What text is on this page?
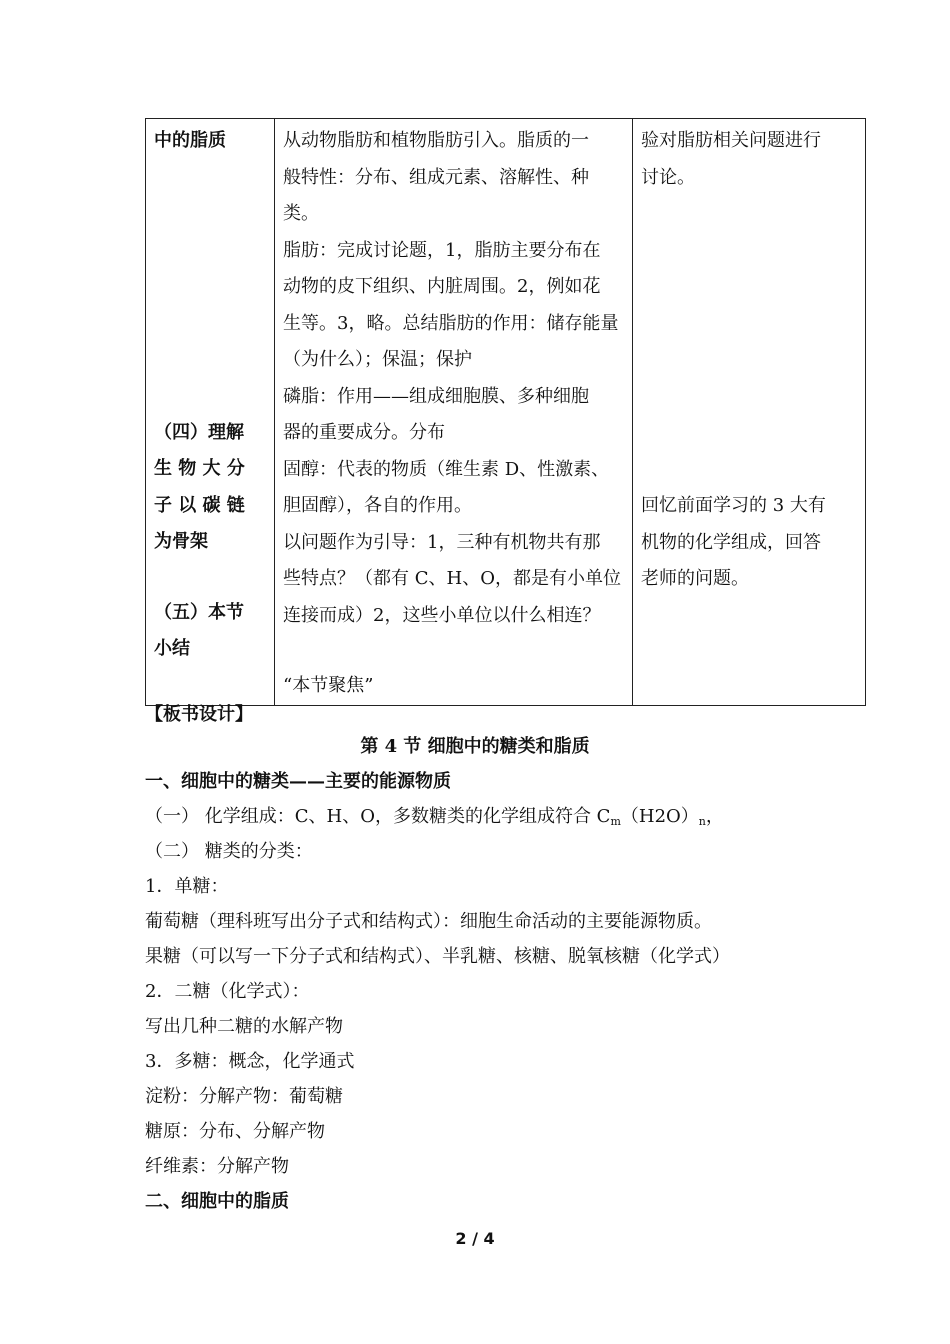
中的脂质
（四）理解
生 物 大 分
子 以 碳 链
为骨架
（五）本节
小结

从动物脂肪和植物脂肪引入。脂质的一
般特性：分布、组成元素、溶解性、种类。
脂肪：完成讨论题，1，脂肪主要分布在
动物的皮下组织、内脏周围。2，例如花
生等。3，略。总结脂肪的作用：储存能量
（为什么）；保温；保护
磷脂：作用——组成细胞膜、多种细胞
器的重要成分。分布
固醇：代表的物质（维生素 D、性激素、
胆固醇），各自的作用。
以问题作为引导：1，三种有机物共有那
些特点？（都有 C、H、O，都是有小单位
连接而成）2，这些小单位以什么相连？
“本节聚焦”

验对脂肪相关问题进行
讨论。
回忆前面学习的 3 大有
机物的化学组成，回答
老师的问题。
【板书设计】
第 4 节 细胞中的糖类和脂质
一、细胞中的糖类——主要的能源物质
（一） 化学组成：C、H、O，多数糖类的化学组成符合 $C_m(H2O)_n$，
（二） 糖类的分类：
1．单糖：
葡萄糖（理科班写出分子式和结构式）：细胞生命活动的主要能源物质。
果糖（可以写一下分子式和结构式）、半乳糖、核糖、脱氧核糖（化学式）
2．二糖（化学式）：
写出几种二糖的水解产物
3．多糖：概念，化学通式
淀粉：分解产物：葡萄糖
糖原：分布、分解产物
纤维素：分解产物
二、细胞中的脂质
2 / 4
